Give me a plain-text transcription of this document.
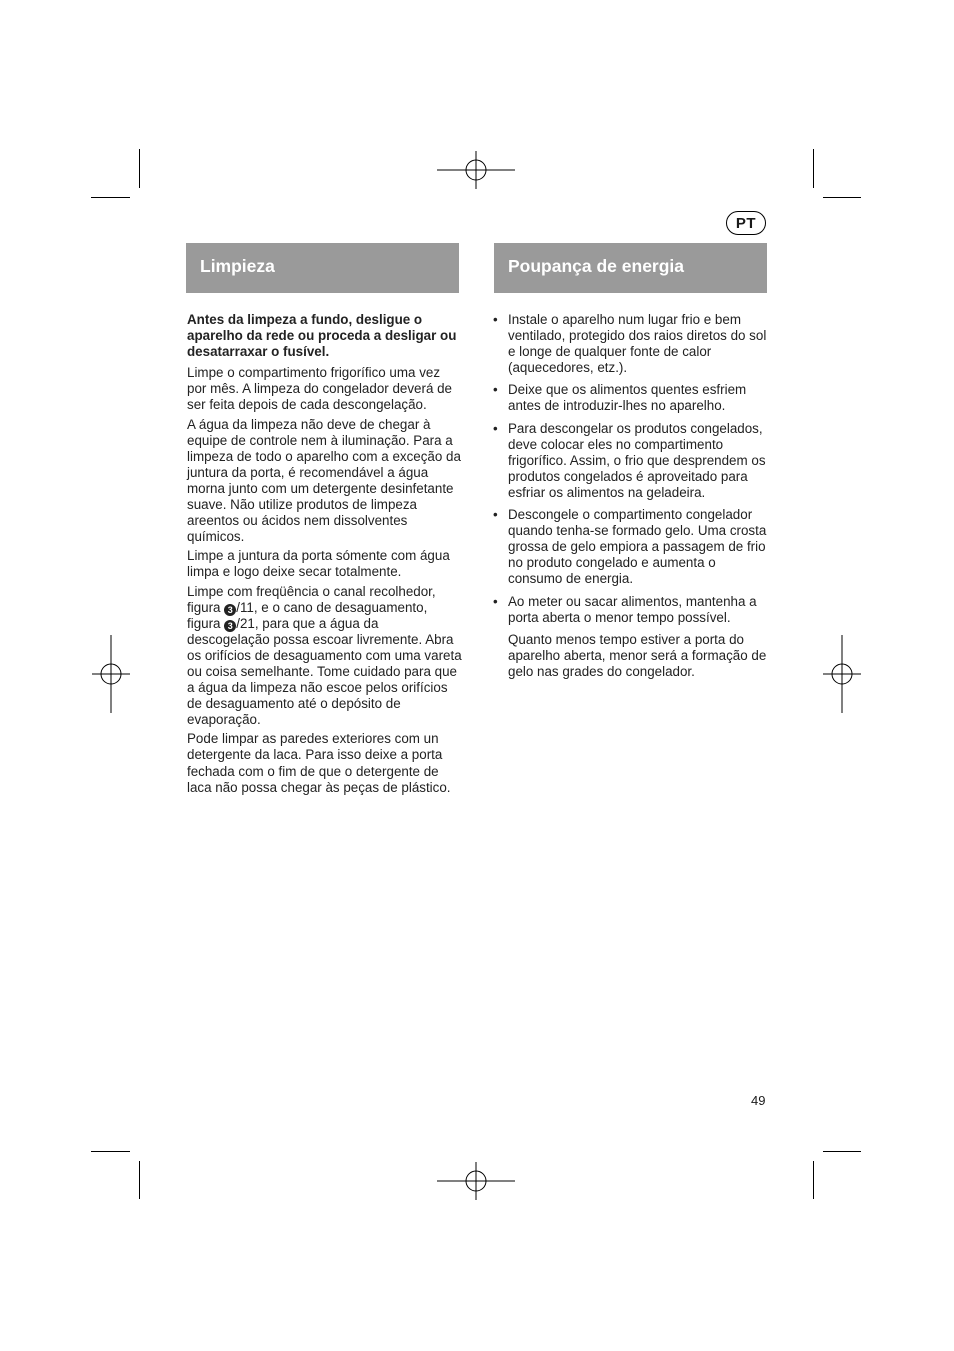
PT
Limpieza	Poupança de energia

Antes da limpeza a fundo, desligue o aparelho da rede ou proceda a desligar ou desatarraxar o fusível.

Limpe o compartimento frigorífico uma vez por mês. A limpeza do congelador deverá de ser feita depois de cada descongelação.

A água da limpeza não deve de chegar à equipe de controle nem à iluminação. Para a limpeza de todo o aparelho com a exceção da juntura da porta, é recomendável a água morna junto com um detergente desinfetante suave. Não utilize produtos de limpeza areentos ou ácidos nem dissolventes químicos.

Limpe a juntura da porta sómente com água limpa e logo deixe secar totalmente.

Limpe com freqüência o canal recolhedor, figura 3 /11, e o cano de desaguamento, figura 3 /21, para que a água da descogelação possa escoar livremente. Abra os orifícios de desaguamento com uma vareta ou coisa semelhante. Tome cuidado para que a água da limpeza não escoe pelos orifícios de desaguamento até o depósito de evaporação.

Pode limpar as paredes exteriores com un detergente da laca. Para isso deixe a porta fechada com o fim de que o detergente de laca não possa chegar às peças de plástico.

• Instale o aparelho num lugar frio e bem ventilado, protegido dos raios diretos do sol e longe de qualquer fonte de calor (aquecedores, etz.).
• Deixe que os alimentos quentes esfriem antes de introduzir-lhes no aparelho.
• Para descongelar os produtos congelados, deve colocar eles no compartimento frigorífico. Assim, o frio que desprendem os produtos congelados é aproveitado para esfriar os alimentos na geladeira.
• Descongele o compartimento congelador quando tenha-se formado gelo. Uma crosta grossa de gelo empiora a passagem de frio no produto congelado e aumenta o consumo de energia.
• Ao meter ou sacar alimentos, mantenha a porta aberta o menor tempo possível.

Quanto menos tempo estiver a porta do aparelho aberta, menor será a formação de gelo nas grades do congelador.

49
